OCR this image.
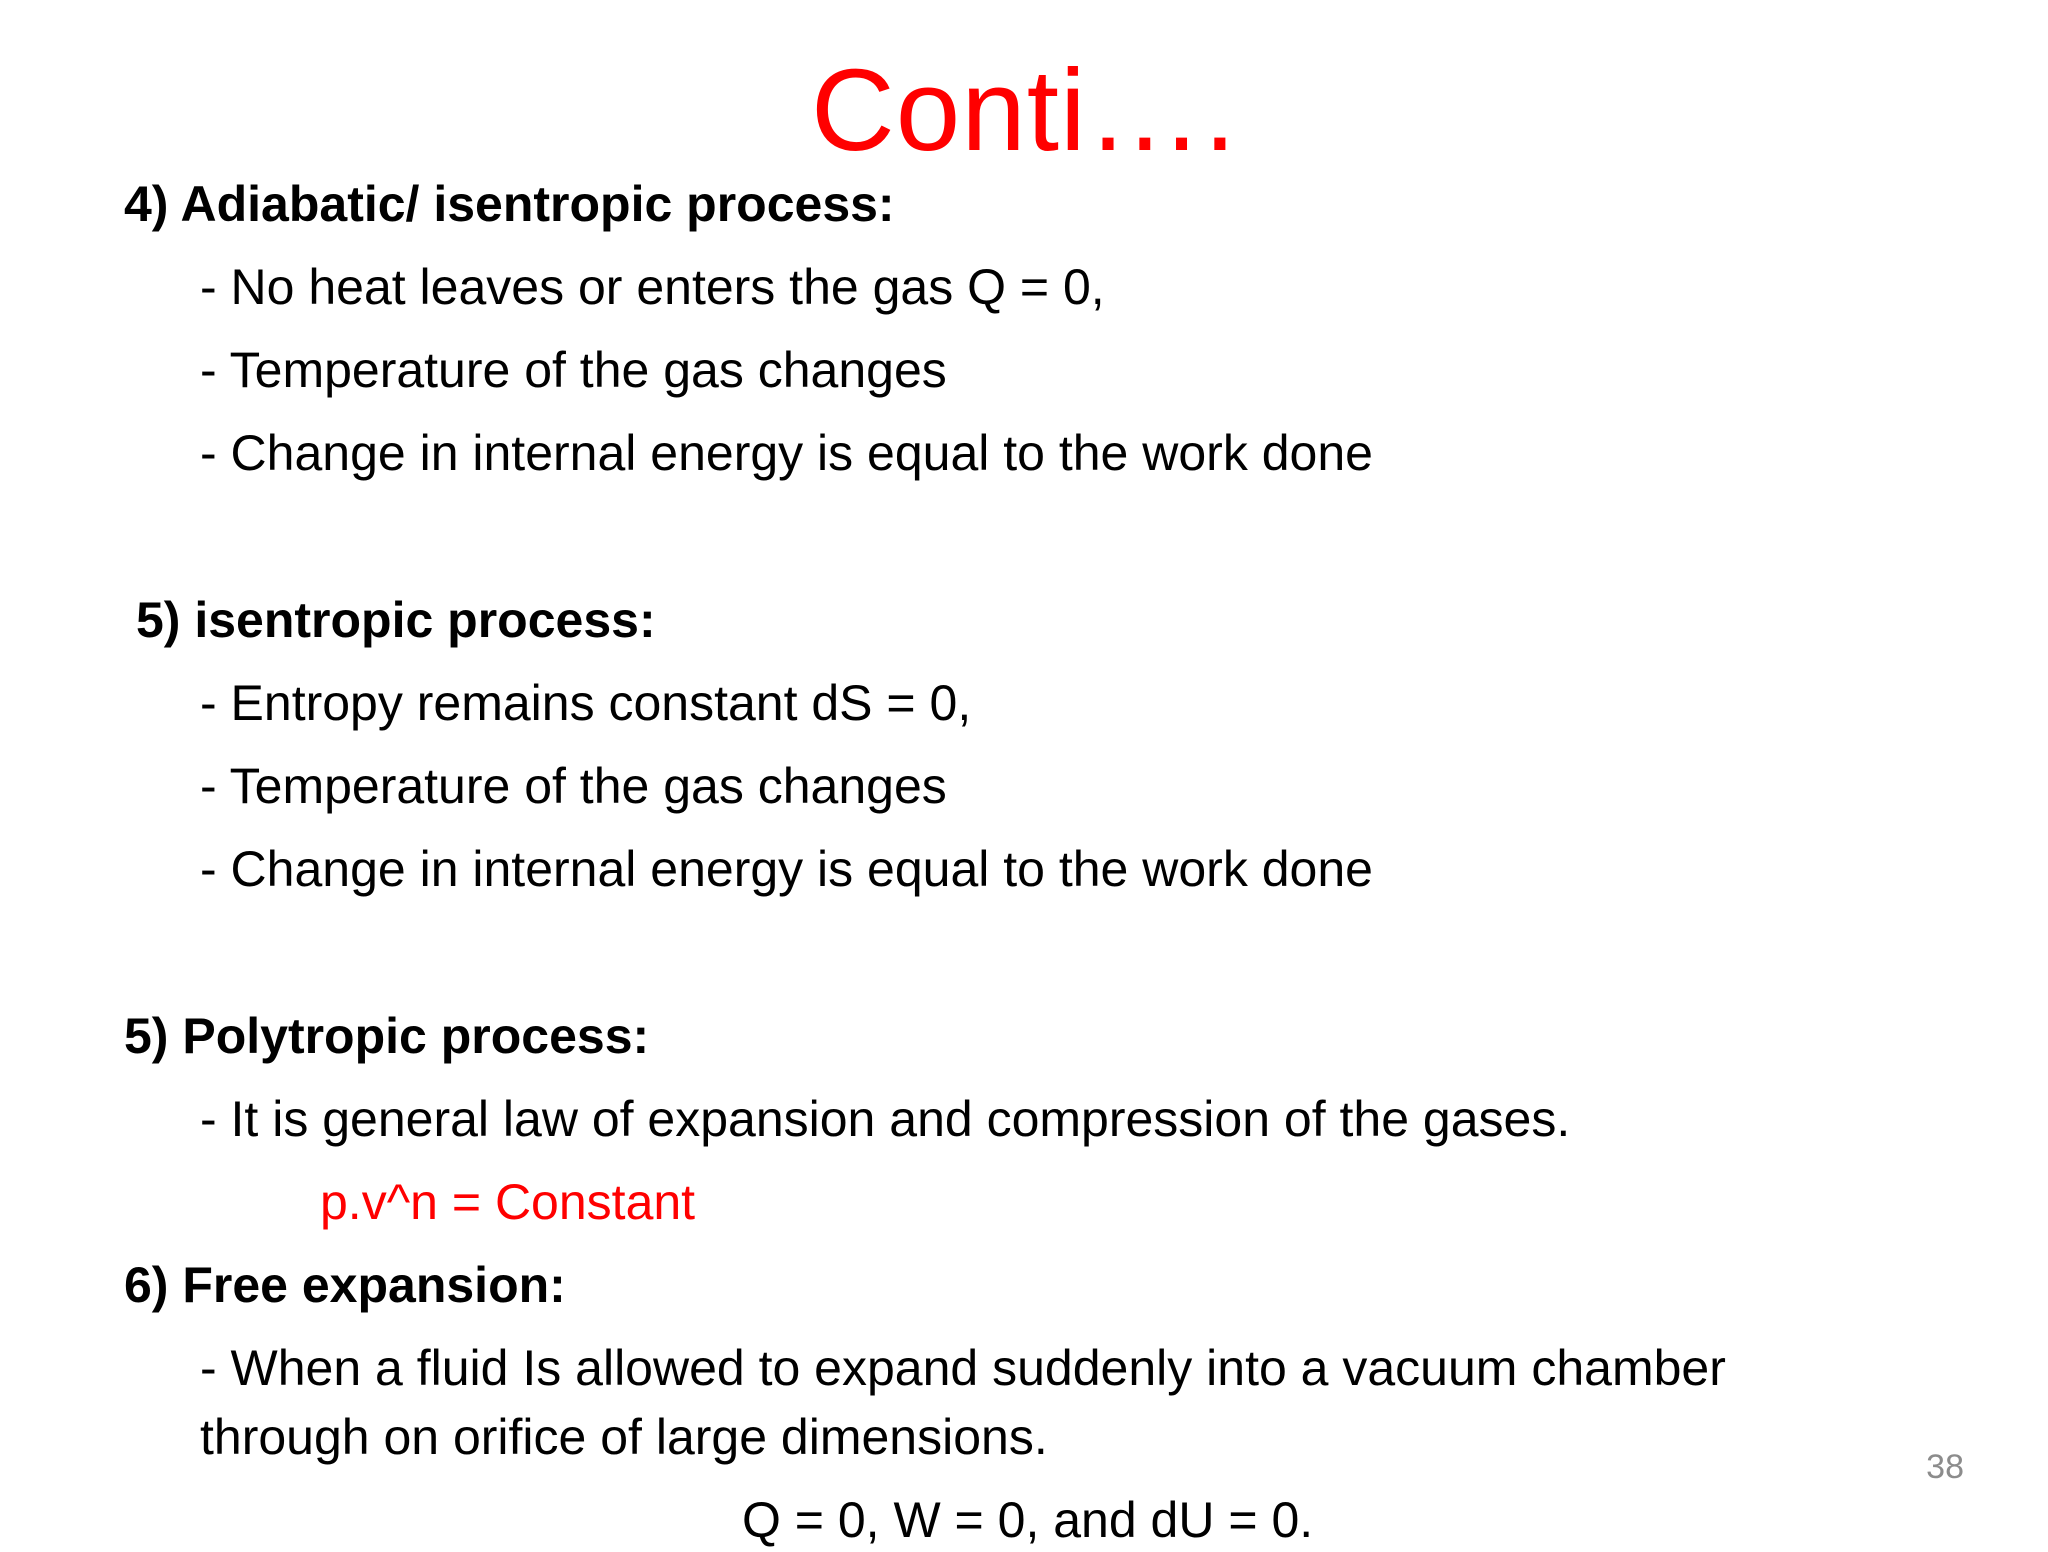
Conti….
4) Adiabatic/ isentropic process:
- No heat leaves or enters the gas Q = 0,
- Temperature of the gas changes
- Change in internal energy is equal to the work done
5) isentropic process:
- Entropy remains constant dS = 0,
- Temperature of the gas changes
- Change in internal energy is equal to the work done
5) Polytropic process:
- It is general law of expansion and compression of the gases.
p.v^n = Constant
6) Free expansion:
- When a fluid Is allowed to expand suddenly into a vacuum chamber
through on orifice of large dimensions.
Q = 0, W = 0, and dU = 0.
38
